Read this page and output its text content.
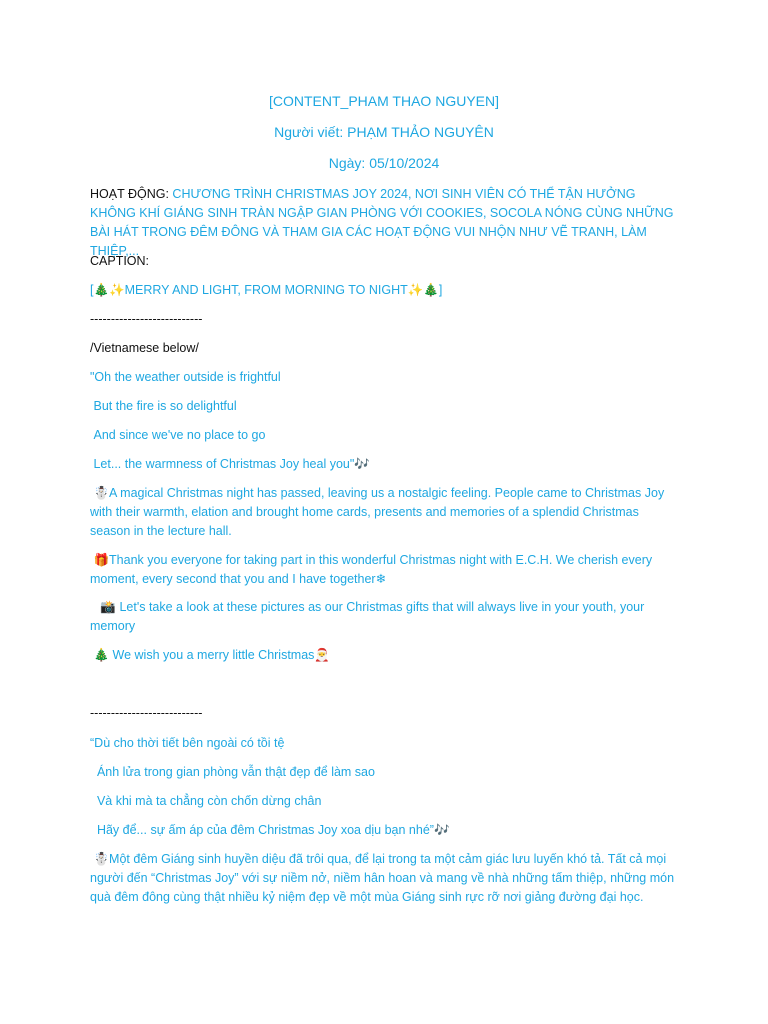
[CONTENT_PHAM THAO NGUYEN]
Người viết: PHẠM THẢO NGUYÊN
Ngày: 05/10/2024
HOẠT ĐỘNG: CHƯƠNG TRÌNH CHRISTMAS JOY 2024, NƠI SINH VIÊN CÓ THỂ TẬN HƯỞNG KHÔNG KHÍ GIÁNG SINH TRÀN NGẬP GIAN PHÒNG VỚI COOKIES, SOCOLA NÓNG CÙNG NHỮNG BÀI HÁT TRONG ĐÊM ĐÔNG VÀ THAM GIA CÁC HOẠT ĐỘNG VUI NHỘN NHƯ VẼ TRANH, LÀM THIỆP,...
CAPTION:
[🎄✨MERRY AND LIGHT, FROM MORNING TO NIGHT✨🎄]
---------------------------
/Vietnamese below/
"Oh the weather outside is frightful
But the fire is so delightful
And since we've no place to go
Let... the warmness of Christmas Joy heal you"🎶
☃️A magical Christmas night has passed, leaving us a nostalgic feeling. People came to Christmas Joy with their warmth, elation and brought home cards, presents and memories of a splendid Christmas season in the lecture hall.
🎁Thank you everyone for taking part in this wonderful Christmas night with E.C.H. We cherish every moment, every second that you and I have together❄
📸 Let's take a look at these pictures as our Christmas gifts that will always live in your youth, your memory
🎄 We wish you a merry little Christmas🎅
---------------------------
“Dù cho thời tiết bên ngoài có tồi tệ
Ánh lửa trong gian phòng vẫn thật đẹp để làm sao
Và khi mà ta chẳng còn chốn dừng chân
Hãy để... sự ấm áp của đêm Christmas Joy xoa dịu bạn nhé”🎶
☃️Một đêm Giáng sinh huyền diệu đã trôi qua, để lại trong ta một cảm giác lưu luyến khó tả. Tất cả mọi người đến “Christmas Joy” với sự niềm nở, niềm hân hoan và mang về nhà những tấm thiệp, những món quà đêm đông cùng thật nhiều kỷ niệm đẹp về một mùa Giáng sinh rực rỡ nơi giảng đường đại học.
